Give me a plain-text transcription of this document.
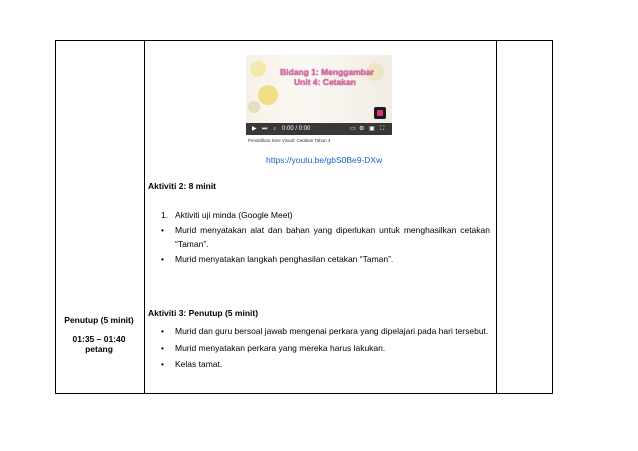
Bidang 1: Menggambar
Unit 4: Cetakan
▶ ⏭ ♪ 0:00 / 0:00	▭ ⚙ ▣ ⛶
Pendidikan Seni Visual: Cetakan Tahun 4
https://youtu.be/gbS0Be9-DXw
Aktiviti 2: 8 minit
1. Aktiviti uji minda (Google Meet)
• Murid menyatakan alat dan bahan yang diperlukan untuk menghasilkan cetakan
“Taman”.
• Murid menyatakan langkah penghasilan cetakan “Taman”.
Penutup (5 minit)
01:35 – 01:40
petang
Aktiviti 3: Penutup (5 minit)
• Murid dan guru bersoal jawab mengenai perkara yang dipelajari pada hari tersebut.
• Murid menyatakan perkara yang mereka harus lakukan.
• Kelas tamat.
